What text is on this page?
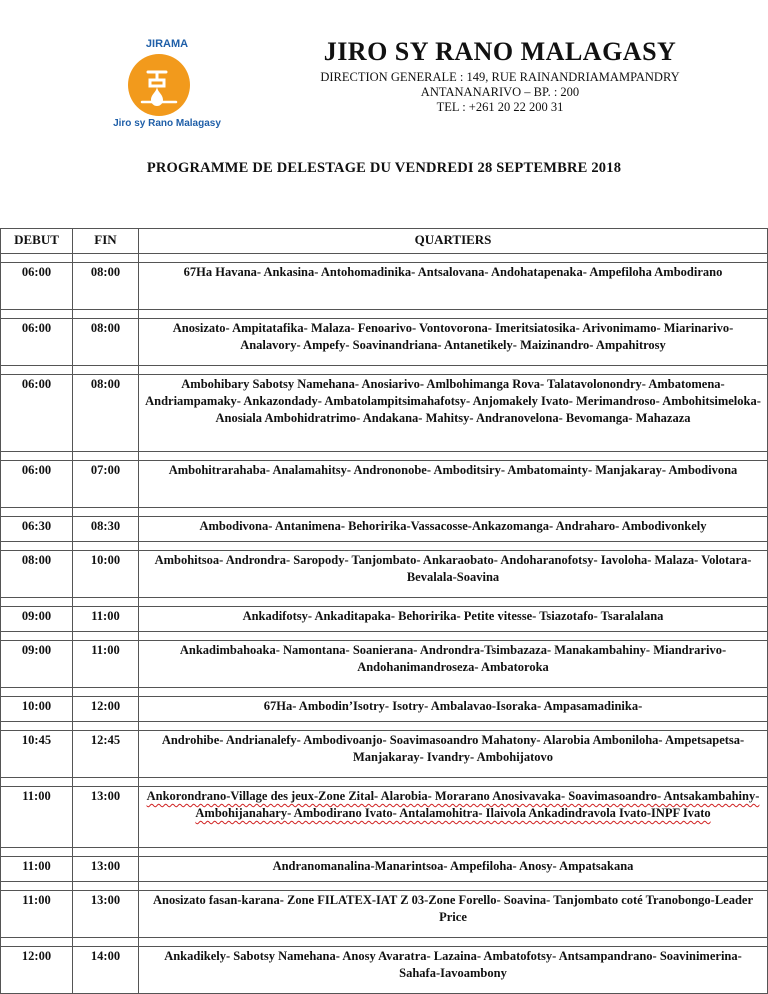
JIRAMA
Jiro sy Rano Malagasy
JIRO SY RANO MALAGASY
DIRECTION GENERALE : 149, RUE RAINANDRIAMAMPANDRY
ANTANANARIVO – BP. : 200
TEL : +261 20 22 200 31
PROGRAMME DE DELESTAGE DU VENDREDI 28 SEPTEMBRE 2018
DEBUT	FIN	QUARTIERS

06:00	08:00	67Ha Havana- Ankasina- Antohomadinika- Antsalovana- Andohatapenaka- Ampefiloha Ambodirano

06:00	08:00	Anosizato- Ampitatafika- Malaza- Fenoarivo- Vontovorona- Imeritsiatosika- Arivonimamo- Miarinarivo- Analavory- Ampefy- Soavinandriana- Antanetikely- Maizinandro- Ampahitrosy

06:00	08:00	Ambohibary Sabotsy Namehana- Anosiarivo- Amlbohimanga Rova- Talatavolonondry- Ambatomena- Andriampamaky- Ankazondady- Ambatolampitsimahafotsy- Anjomakely Ivato- Merimandroso- Ambohitsimeloka- Anosiala Ambohidratrimo- Andakana- Mahitsy- Andranovelona- Bevomanga- Mahazaza

06:00	07:00	Ambohitrarahaba- Analamahitsy- Andrononobe- Amboditsiry- Ambatomainty- Manjakaray- Ambodivona

06:30	08:30	Ambodivona- Antanimena- Behoririka-Vassacosse-Ankazomanga- Andraharo- Ambodivonkely

08:00	10:00	Ambohitsoa- Androndra- Saropody- Tanjombato- Ankaraobato- Andoharanofotsy- Iavoloha- Malaza- Volotara- Bevalala-Soavina

09:00	11:00	Ankadifotsy- Ankaditapaka- Behoririka- Petite vitesse- Tsiazotafo- Tsaralalana

09:00	11:00	Ankadimbahoaka- Namontana- Soanierana- Androndra-Tsimbazaza- Manakambahiny- Miandrarivo- Andohanimandroseza- Ambatoroka

10:00	12:00	67Ha- Ambodin’Isotry- Isotry- Ambalavao-Isoraka- Ampasamadinika-

10:45	12:45	Androhibe- Andrianalefy- Ambodivoanjo- Soavimasoandro Mahatony- Alarobia Amboniloha- Ampetsapetsa- Manjakaray- Ivandry- Ambohijatovo

11:00	13:00	Ankorondrano-Village des jeux-Zone Zital- Alarobia- Morarano Anosivavaka- Soavimasoandro- Antsakambahiny- Ambohijanahary- Ambodirano Ivato- Antalamohitra- Ilaivola Ankadindravola Ivato-INPF Ivato

11:00	13:00	Andranomanalina-Manarintsoa- Ampefiloha- Anosy- Ampatsakana

11:00	13:00	Anosizato fasan-karana- Zone FILATEX-IAT Z 03-Zone Forello- Soavina- Tanjombato coté Tranobongo-Leader Price

12:00	14:00	Ankadikely- Sabotsy Namehana- Anosy Avaratra- Lazaina- Ambatofotsy- Antsampandrano- Soavinimerina-Sahafa-Iavoambony
